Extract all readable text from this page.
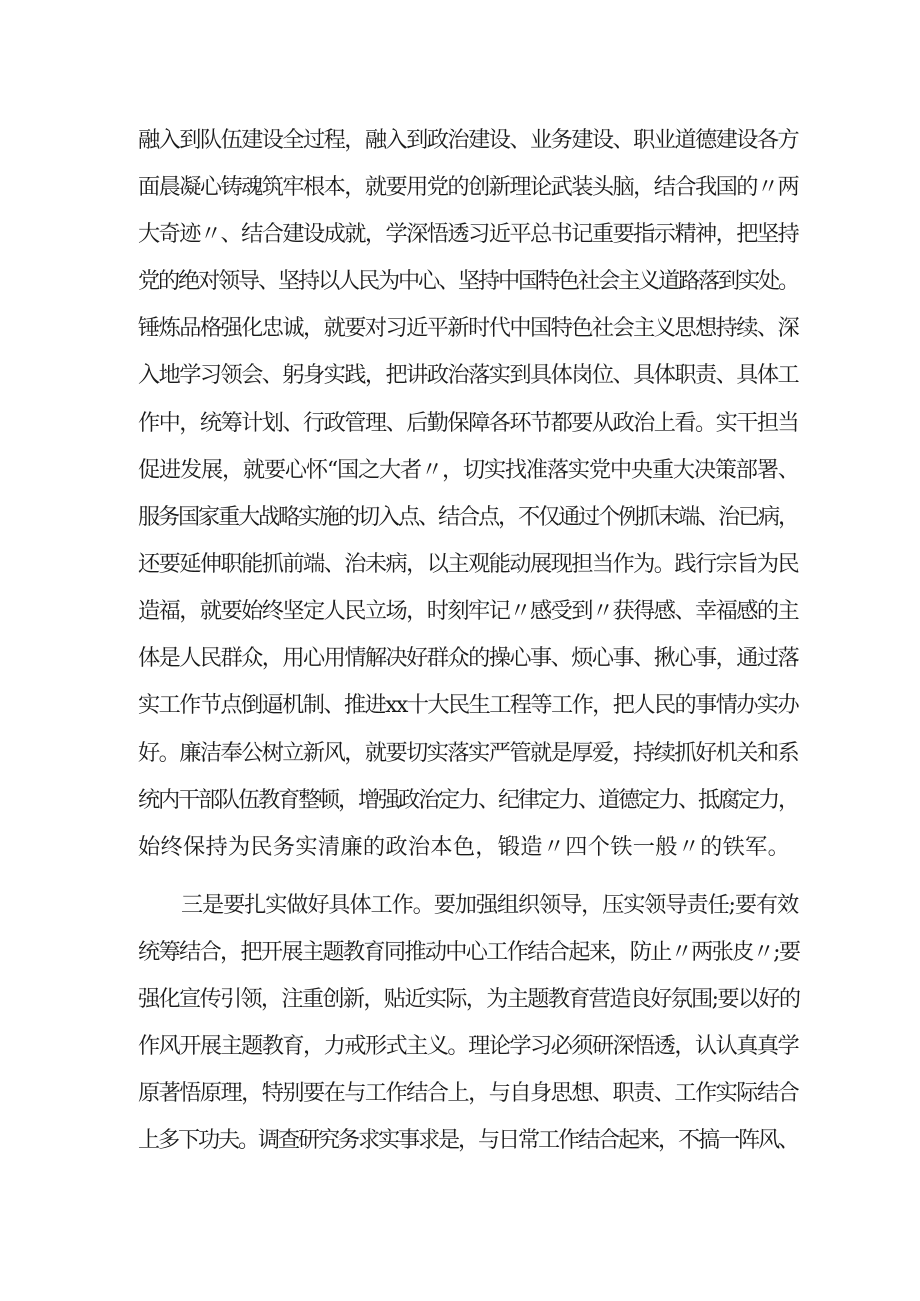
融入到队伍建设全过程，融入到政治建设、业务建设、职业道德建设各方
面晨凝心铸魂筑牢根本，就要用党的创新理论武装头脑，结合我国的〃两
大奇迹〃、结合建设成就，学深悟透习近平总书记重要指示精神，把坚持
党的绝对领导、坚持以人民为中心、坚持中国特色社会主义道路落到实处。
锤炼品格强化忠诚，就要对习近平新时代中国特色社会主义思想持续、深
入地学习领会、躬身实践，把讲政治落实到具体岗位、具体职责、具体工
作中，统筹计划、行政管理、后勤保障各环节都要从政治上看。实干担当
促进发展，就要心怀“国之大者〃，切实找准落实党中央重大决策部署、
服务国家重大战略实施的切入点、结合点，不仅通过个例抓末端、治已病，
还要延伸职能抓前端、治未病，以主观能动展现担当作为。践行宗旨为民
造福，就要始终坚定人民立场，时刻牢记〃感受到〃获得感、幸福感的主
体是人民群众，用心用情解决好群众的操心事、烦心事、揪心事，通过落
实工作节点倒逼机制、推进xx十大民生工程等工作，把人民的事情办实办
好。廉洁奉公树立新风，就要切实落实严管就是厚爱，持续抓好机关和系
统内干部队伍教育整顿，增强政治定力、纪律定力、道德定力、抵腐定力，
始终保持为民务实清廉的政治本色，锻造〃四个铁一般〃的铁军。
三是要扎实做好具体工作。要加强组织领导，压实领导责任;要有效
统筹结合，把开展主题教育同推动中心工作结合起来，防止〃两张皮〃;要
强化宣传引领，注重创新，贴近实际，为主题教育营造良好氛围;要以好的
作风开展主题教育，力戒形式主义。理论学习必须研深悟透，认认真真学
原著悟原理，特别要在与工作结合上，与自身思想、职责、工作实际结合
上多下功夫。调查研究务求实事求是，与日常工作结合起来，不搞一阵风、
